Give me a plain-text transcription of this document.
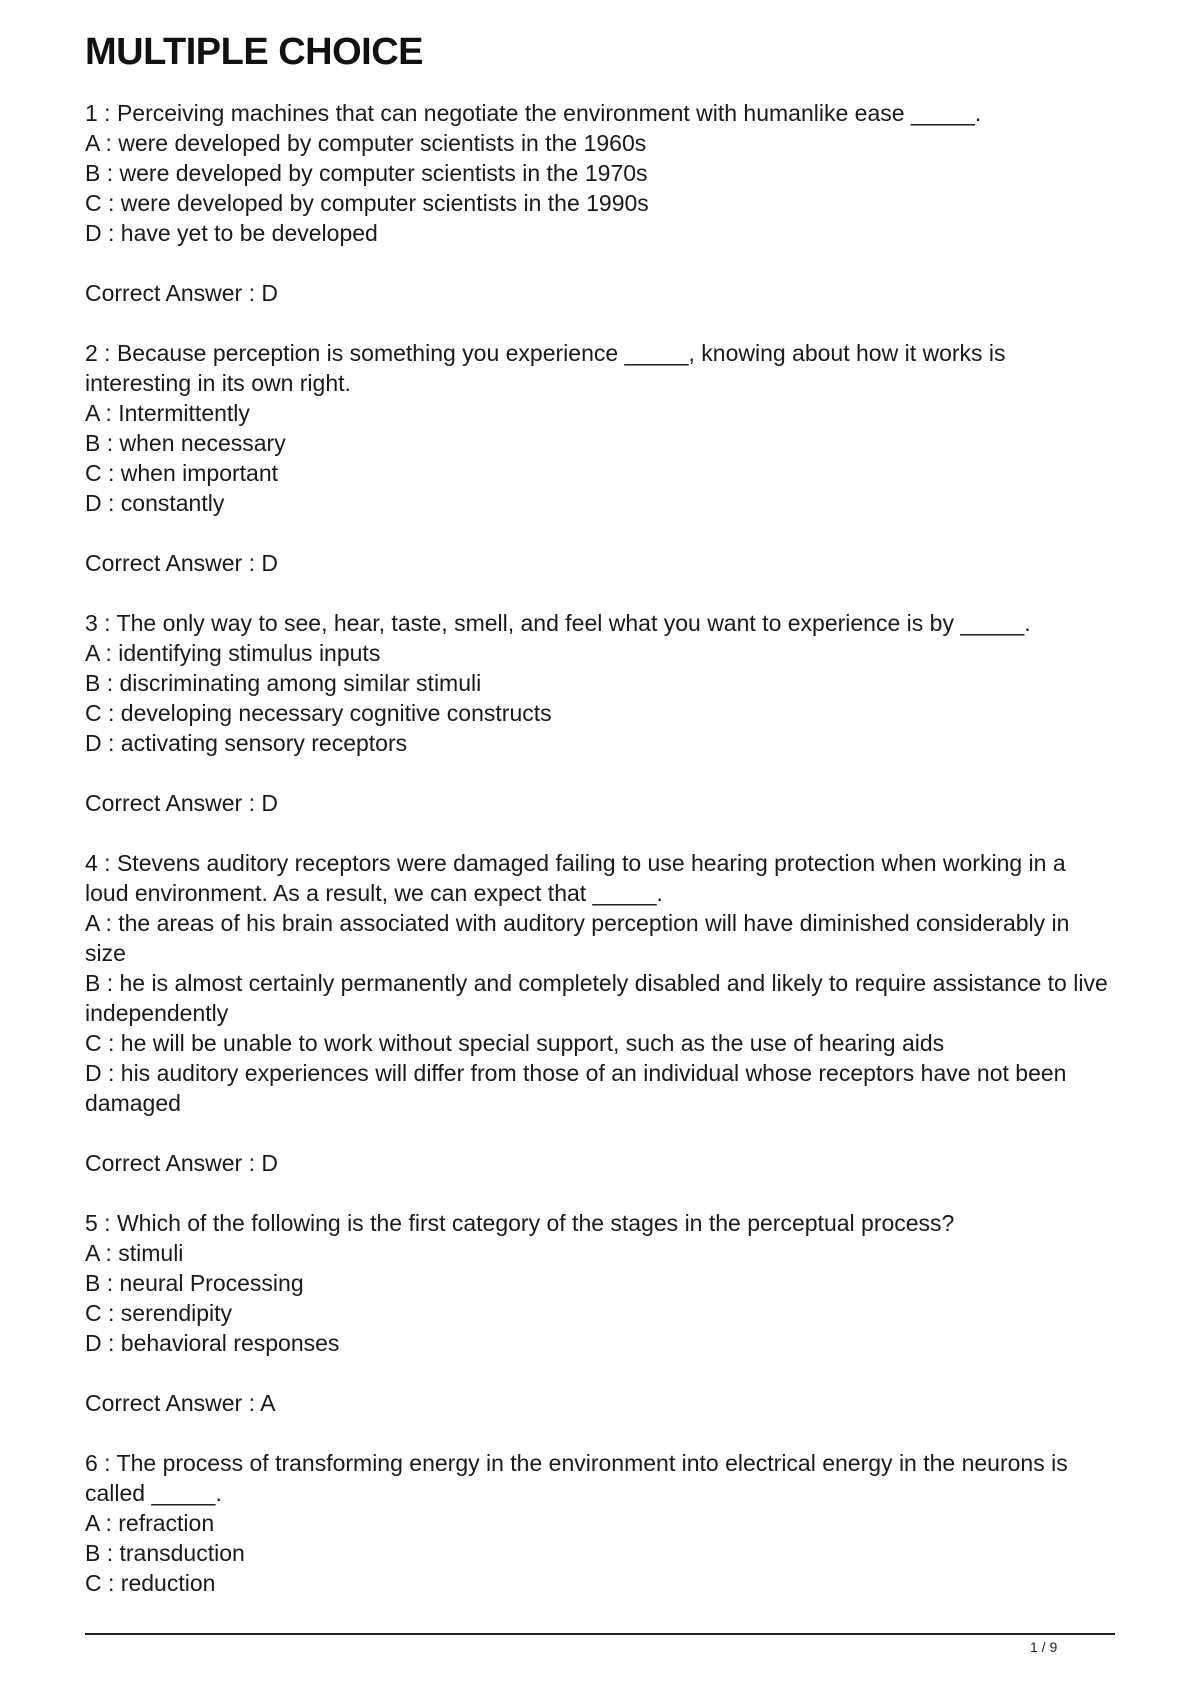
MULTIPLE CHOICE

1 : Perceiving machines that can negotiate the environment with humanlike ease _____.

A : were developed by computer scientists in the 1960s

B : were developed by computer scientists in the 1970s

C : were developed by computer scientists in the 1990s

D : have yet to be developed

Correct Answer : D

2 : Because perception is something you experience _____, knowing about how it works is interesting in its own right.

A : Intermittently

B : when necessary

C : when important

D : constantly

Correct Answer : D

3 : The only way to see, hear, taste, smell, and feel what you want to experience is by _____.

A : identifying stimulus inputs

B : discriminating among similar stimuli

C : developing necessary cognitive constructs

D : activating sensory receptors

Correct Answer : D

4 : Stevens auditory receptors were damaged failing to use hearing protection when working in a loud environment. As a result, we can expect that _____.

A : the areas of his brain associated with auditory perception will have diminished considerably in size

B : he is almost certainly permanently and completely disabled and likely to require assistance to live independently

C : he will be unable to work without special support, such as the use of hearing aids

D : his auditory experiences will differ from those of an individual whose receptors have not been damaged

Correct Answer : D

5 : Which of the following is the first category of the stages in the perceptual process?

A : stimuli

B : neural Processing

C : serendipity

D : behavioral responses

Correct Answer : A

6 : The process of transforming energy in the environment into electrical energy in the neurons is called _____.

A : refraction

B : transduction

C : reduction

1 / 9
